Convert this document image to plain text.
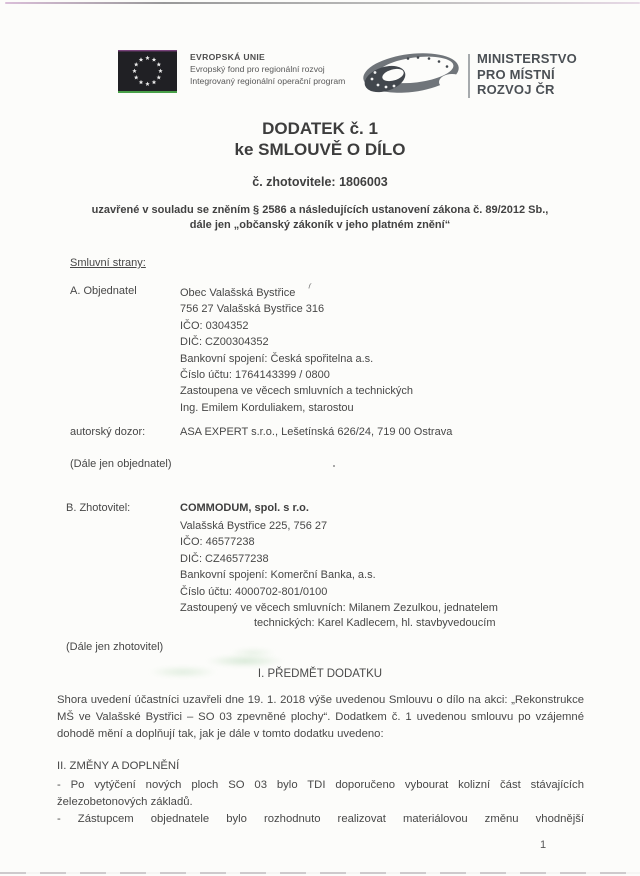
EVROPSKÁ UNIE
Evropský fond pro regionální rozvoj
Integrovaný regionální operační program
MINISTERSTVO
PRO MÍSTNÍ
ROZVOJ ČR
DODATEK č. 1
ke SMLOUVĚ O DÍLO
č. zhotovitele: 1806003
uzavřené v souladu se zněním § 2586 a následujících ustanovení zákona č. 89/2012 Sb.,
dále jen „občanský zákoník v jeho platném znění“
Smluvní strany:
A. Objednatel	Obec Valašská Bystřice
756 27 Valašská Bystřice 316
IČO: 0304352
DIČ: CZ00304352
Bankovní spojení: Česká spořitelna a.s.
Číslo účtu: 1764143399 / 0800
Zastoupena ve věcech smluvních a technických
Ing. Emilem Korduliakem, starostou
autorský dozor:	ASA EXPERT s.r.o., Lešetínská 626/24, 719 00 Ostrava
(Dále jen objednatel)
B. Zhotovitel:	COMMODUM, spol. s r.o.
Valašská Bystřice 225, 756 27
IČO: 46577238
DIČ: CZ46577238
Bankovní spojení: Komerční Banka, a.s.
Číslo účtu: 4000702-801/0100
Zastoupený ve věcech smluvních: Milanem Zezulkou, jednatelem
technických: Karel Kadlecem, hl. stavbyvedoucím
(Dále jen zhotovitel)
I. PŘEDMĚT DODATKU
Shora uvedení účastníci uzavřeli dne 19. 1. 2018 výše uvedenou Smlouvu o dílo na akci: „Rekonstrukce MŠ ve Valašské Bystřici – SO 03 zpevněné plochy“. Dodatkem č. 1 uvedenou smlouvu po vzájemné dohodě mění a doplňují tak, jak je dále v tomto dodatku uvedeno:
II. ZMĚNY A DOPLNĚNÍ
- Po vytýčení nových ploch SO 03 bylo TDI doporučeno vybourat kolizní část stávajících železobetonových základů.
- Zástupcem objednatele bylo rozhodnuto realizovat materiálovou změnu vhodnější
1
